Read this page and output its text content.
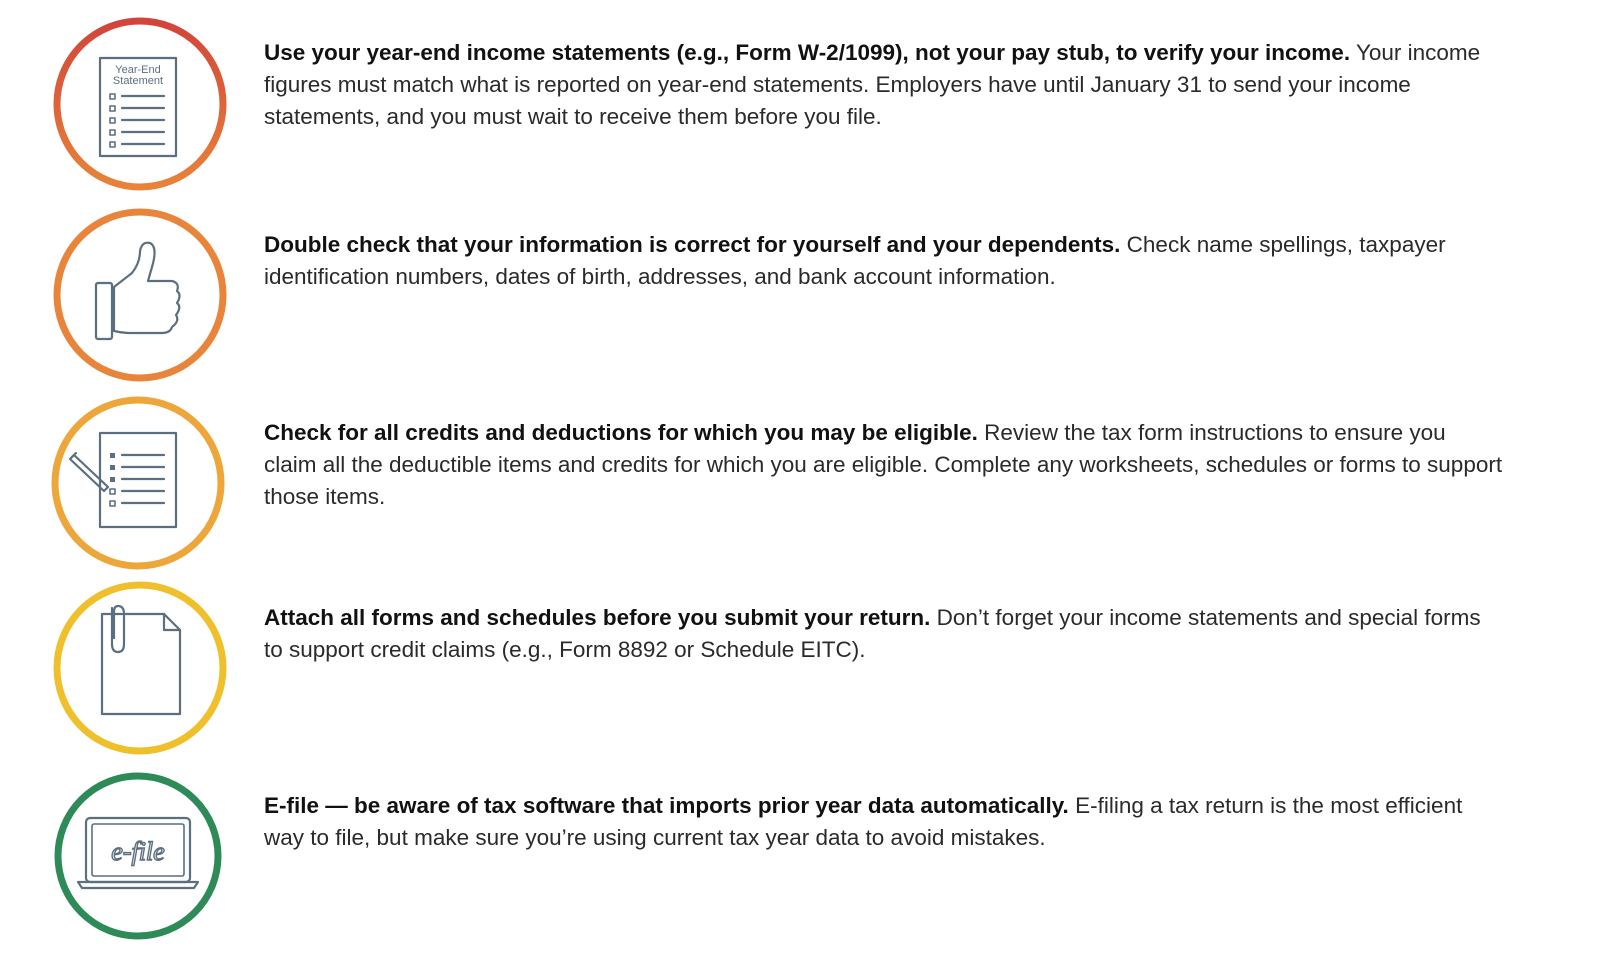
Year-End
Statement
Use your year-end income statements (e.g., Form W-2/1099), not your pay stub, to verify your income. Your income figures must match what is reported on year-end statements. Employers have until January 31 to send your income statements, and you must wait to receive them before you file.
Double check that your information is correct for yourself and your dependents. Check name spellings, taxpayer identification numbers, dates of birth, addresses, and bank account information.
Check for all credits and deductions for which you may be eligible. Review the tax form instructions to ensure you claim all the deductible items and credits for which you are eligible. Complete any worksheets, schedules or forms to support those items.
Attach all forms and schedules before you submit your return. Don’t forget your income statements and special forms to support credit claims (e.g., Form 8892 or Schedule EITC).
e-file
E-file — be aware of tax software that imports prior year data automatically. E-filing a tax return is the most efficient way to file, but make sure you’re using current tax year data to avoid mistakes.
